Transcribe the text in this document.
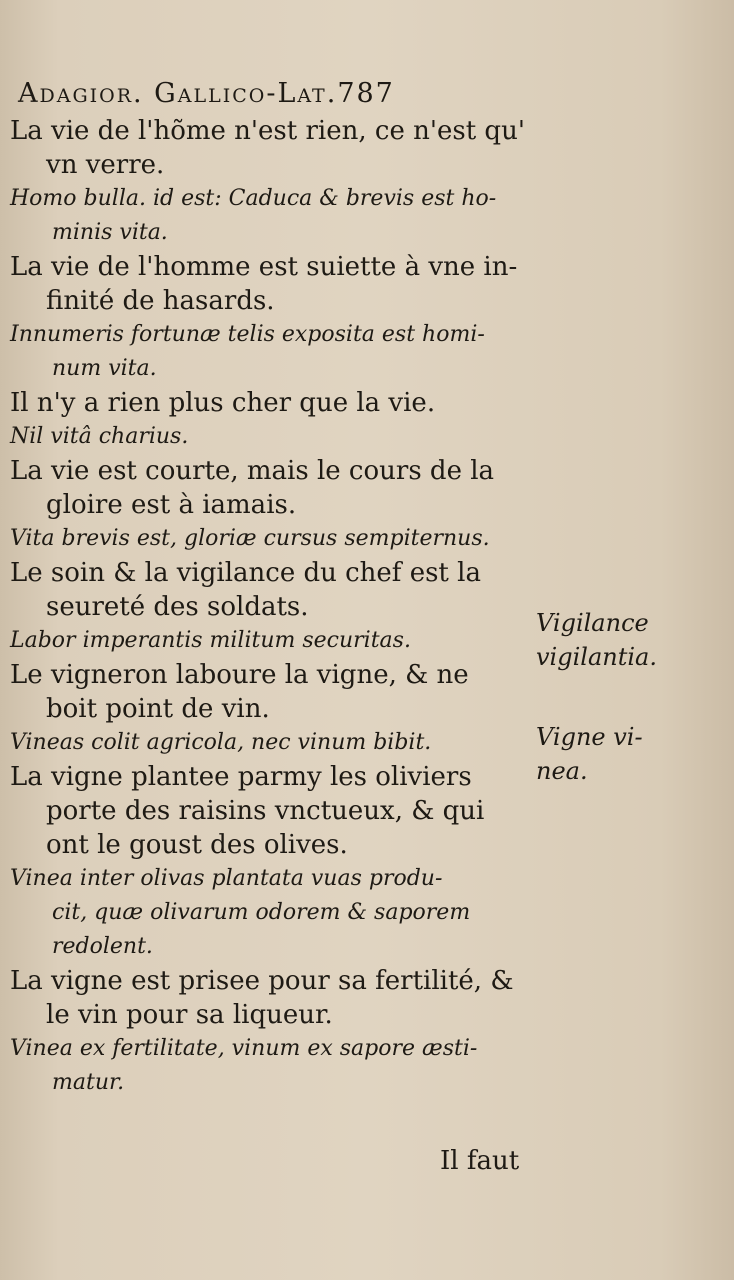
Adagior. Gallico-Lat.787
La vie de l'hõme n'est rien, ce n'est qu'
vn verre.
Homo bulla. id est: Caduca & brevis est ho-
minis vita.
La vie de l'homme est suiette à vne in-
finité de hasards.
Innumeris fortunæ telis exposita est homi-
num vita.
Il n'y a rien plus cher que la vie.
Nil vitâ charius.
La vie est courte, mais le cours de la
gloire est à iamais.
Vita brevis est, gloriæ cursus sempiternus.
Le soin & la vigilance du chef est la
seureté des soldats.
Labor imperantis militum securitas.
Le vigneron laboure la vigne, & ne
boit point de vin.
Vineas colit agricola, nec vinum bibit.
La vigne plantee parmy les oliviers
porte des raisins vnctueux, & qui
ont le goust des olives.
Vinea inter olivas plantata vuas produ-
cit, quæ olivarum odorem & saporem
redolent.
La vigne est prisee pour sa fertilité, &
le vin pour sa liqueur.
Vinea ex fertilitate, vinum ex sapore æsti-
matur.
Vigilance
vigilantia.
Vigne vi-
nea.
Il faut
